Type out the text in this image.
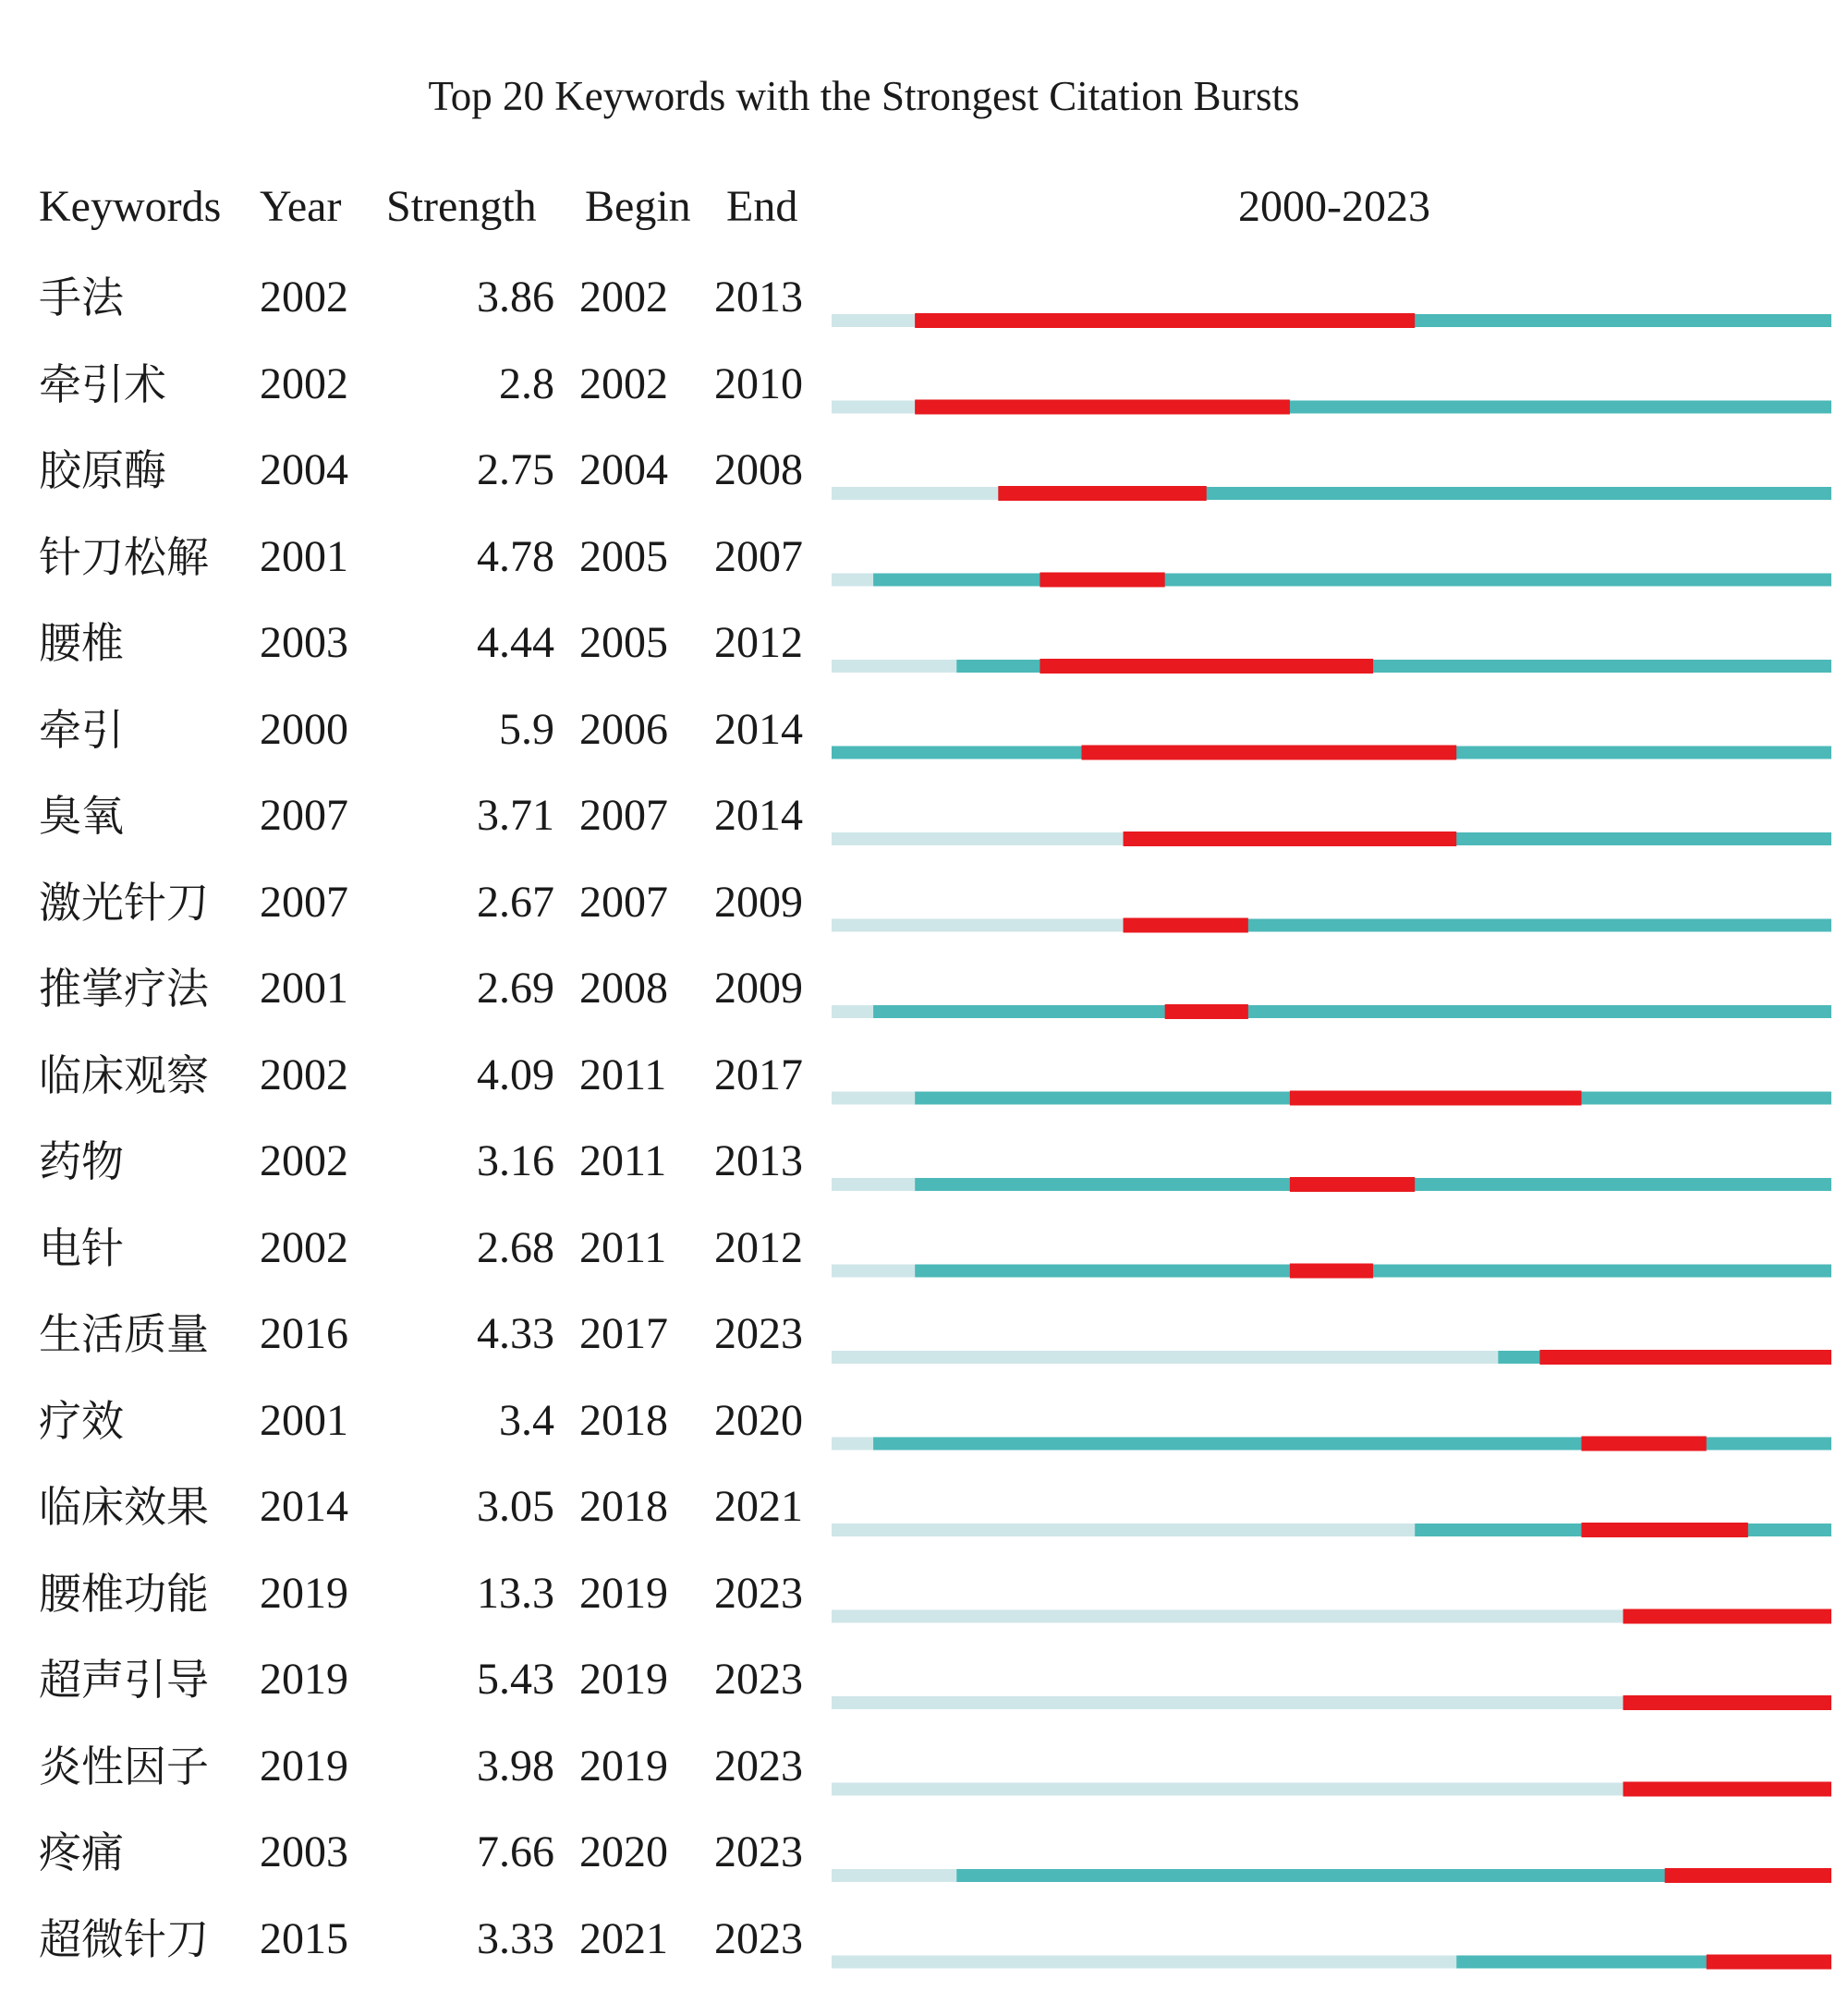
Top 20 Keywords with the Strongest Citation Bursts
Keywords Year Strength Begin End	2000-2023
手法	2002	3.86 2002 2013
牵引术 2002	2.8 2002 2010
胶原酶 2004	2.75 2004 2008
针刀松解 2001	4.78 2005 2007
腰椎	2003	4.44 2005 2012
牵引	2000	5.9 2006 2014
臭氧	2007	3.71 2007 2014
激光针刀 2007	2.67 2007 2009
推掌疗法 2001	2.69 2008 2009
临床观察 2002	4.09 2011 2017
药物	2002	3.16 2011 2013
电针	2002	2.68 2011 2012
生活质量 2016	4.33 2017 2023
疗效	2001	3.4 2018 2020
临床效果 2014	3.05 2018 2021
腰椎功能 2019	13.3 2019 2023
超声引导 2019	5.43 2019 2023
炎性因子 2019	3.98 2019 2023
疼痛	2003	7.66 2020 2023
超微针刀 2015	3.33 2021 2023
